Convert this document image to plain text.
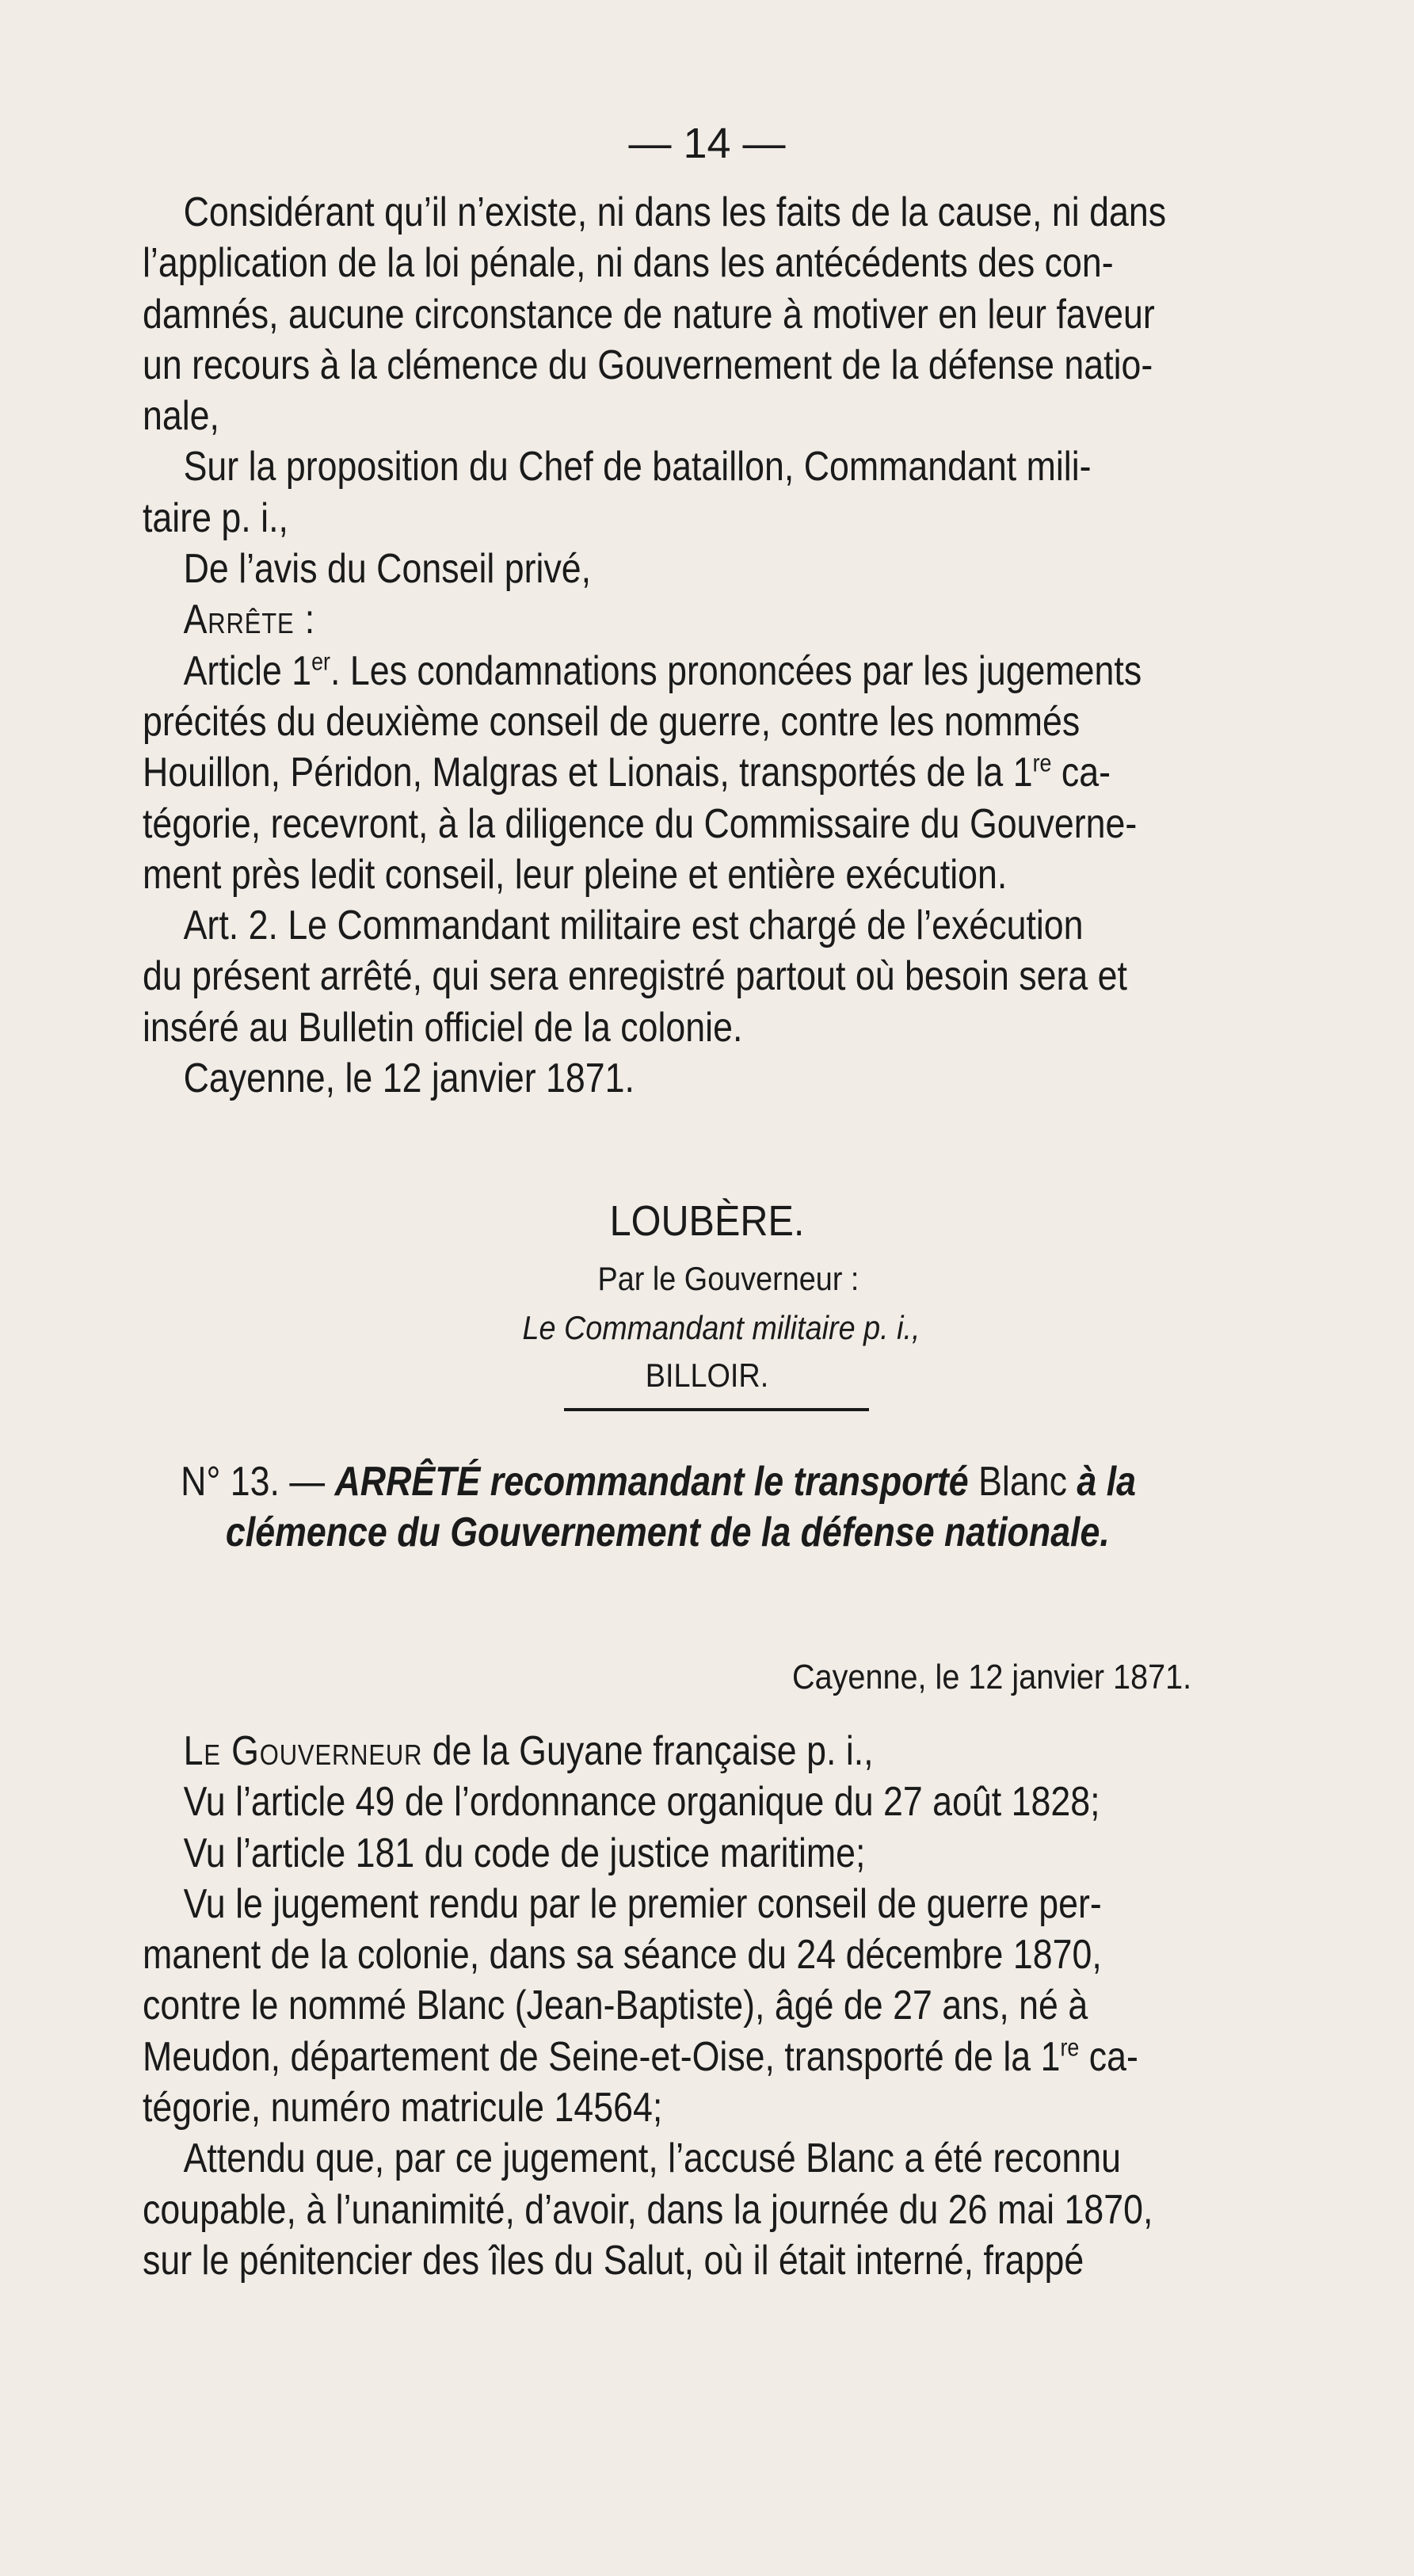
— 14 —
Considérant qu’il n’existe, ni dans les faits de la cause, ni dans
l’application de la loi pénale, ni dans les antécédents des con-
damnés, aucune circonstance de nature à motiver en leur faveur
un recours à la clémence du Gouvernement de la défense natio-
nale,
Sur la proposition du Chef de bataillon, Commandant mili-
taire p. i.,
De l’avis du Conseil privé,
Arrête :
Article 1er. Les condamnations prononcées par les jugements
précités du deuxième conseil de guerre, contre les nommés
Houillon, Péridon, Malgras et Lionais, transportés de la 1re ca-
tégorie, recevront, à la diligence du Commissaire du Gouverne-
ment près ledit conseil, leur pleine et entière exécution.
Art. 2. Le Commandant militaire est chargé de l’exécution
du présent arrêté, qui sera enregistré partout où besoin sera et
inséré au Bulletin officiel de la colonie.
Cayenne, le 12 janvier 1871.
LOUBÈRE.
Par le Gouverneur :
Le Commandant militaire p. i.,
BILLOIR.
N° 13. — ARRÊTÉ recommandant le transporté Blanc à la
clémence du Gouvernement de la défense nationale.
Cayenne, le 12 janvier 1871.
Le Gouverneur de la Guyane française p. i.,
Vu l’article 49 de l’ordonnance organique du 27 août 1828;
Vu l’article 181 du code de justice maritime;
Vu le jugement rendu par le premier conseil de guerre per-
manent de la colonie, dans sa séance du 24 décembre 1870,
contre le nommé Blanc (Jean-Baptiste), âgé de 27 ans, né à
Meudon, département de Seine-et-Oise, transporté de la 1re ca-
tégorie, numéro matricule 14564;
Attendu que, par ce jugement, l’accusé Blanc a été reconnu
coupable, à l’unanimité, d’avoir, dans la journée du 26 mai 1870,
sur le pénitencier des îles du Salut, où il était interné, frappé
